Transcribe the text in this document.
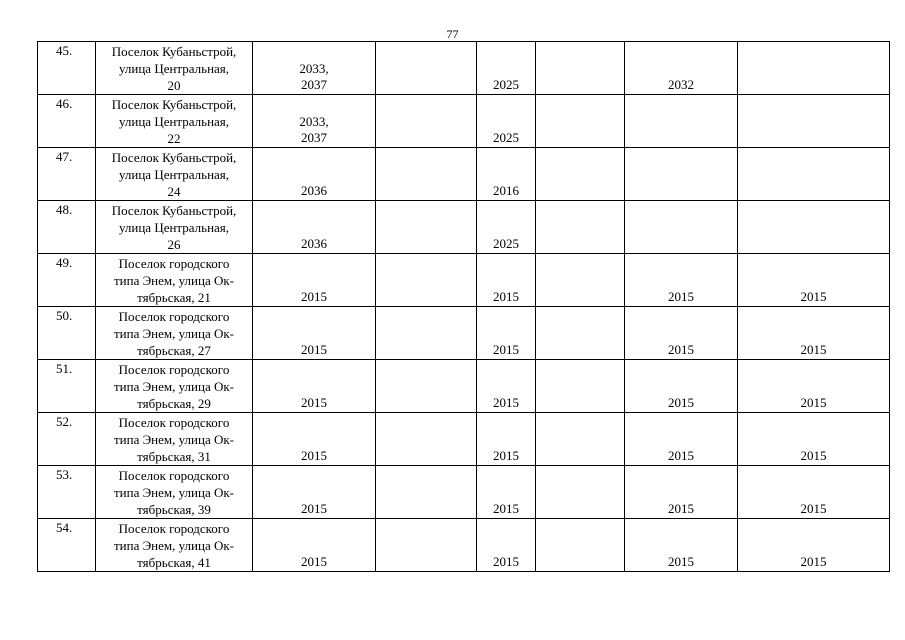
77
45.	Поселок Кубаньстрой,
улица Центральная,
20	2033,
2037		2025		2032		
46.	Поселок Кубаньстрой,
улица Центральная,
22	2033,
2037		2025				
47.	Поселок Кубаньстрой,
улица Центральная,
24	2036		2016				
48.	Поселок Кубаньстрой,
улица Центральная,
26	2036		2025				
49.	Поселок городского
типа Энем, улица Ок-
тябрьская, 21	2015		2015		2015	2015	
50.	Поселок городского
типа Энем, улица Ок-
тябрьская, 27	2015		2015		2015	2015	
51.	Поселок городского
типа Энем, улица Ок-
тябрьская, 29	2015		2015		2015	2015	
52.	Поселок городского
типа Энем, улица Ок-
тябрьская, 31	2015		2015		2015	2015	
53.	Поселок городского
типа Энем, улица Ок-
тябрьская, 39	2015		2015		2015	2015	
54.	Поселок городского
типа Энем, улица Ок-
тябрьская, 41	2015		2015		2015	2015	
